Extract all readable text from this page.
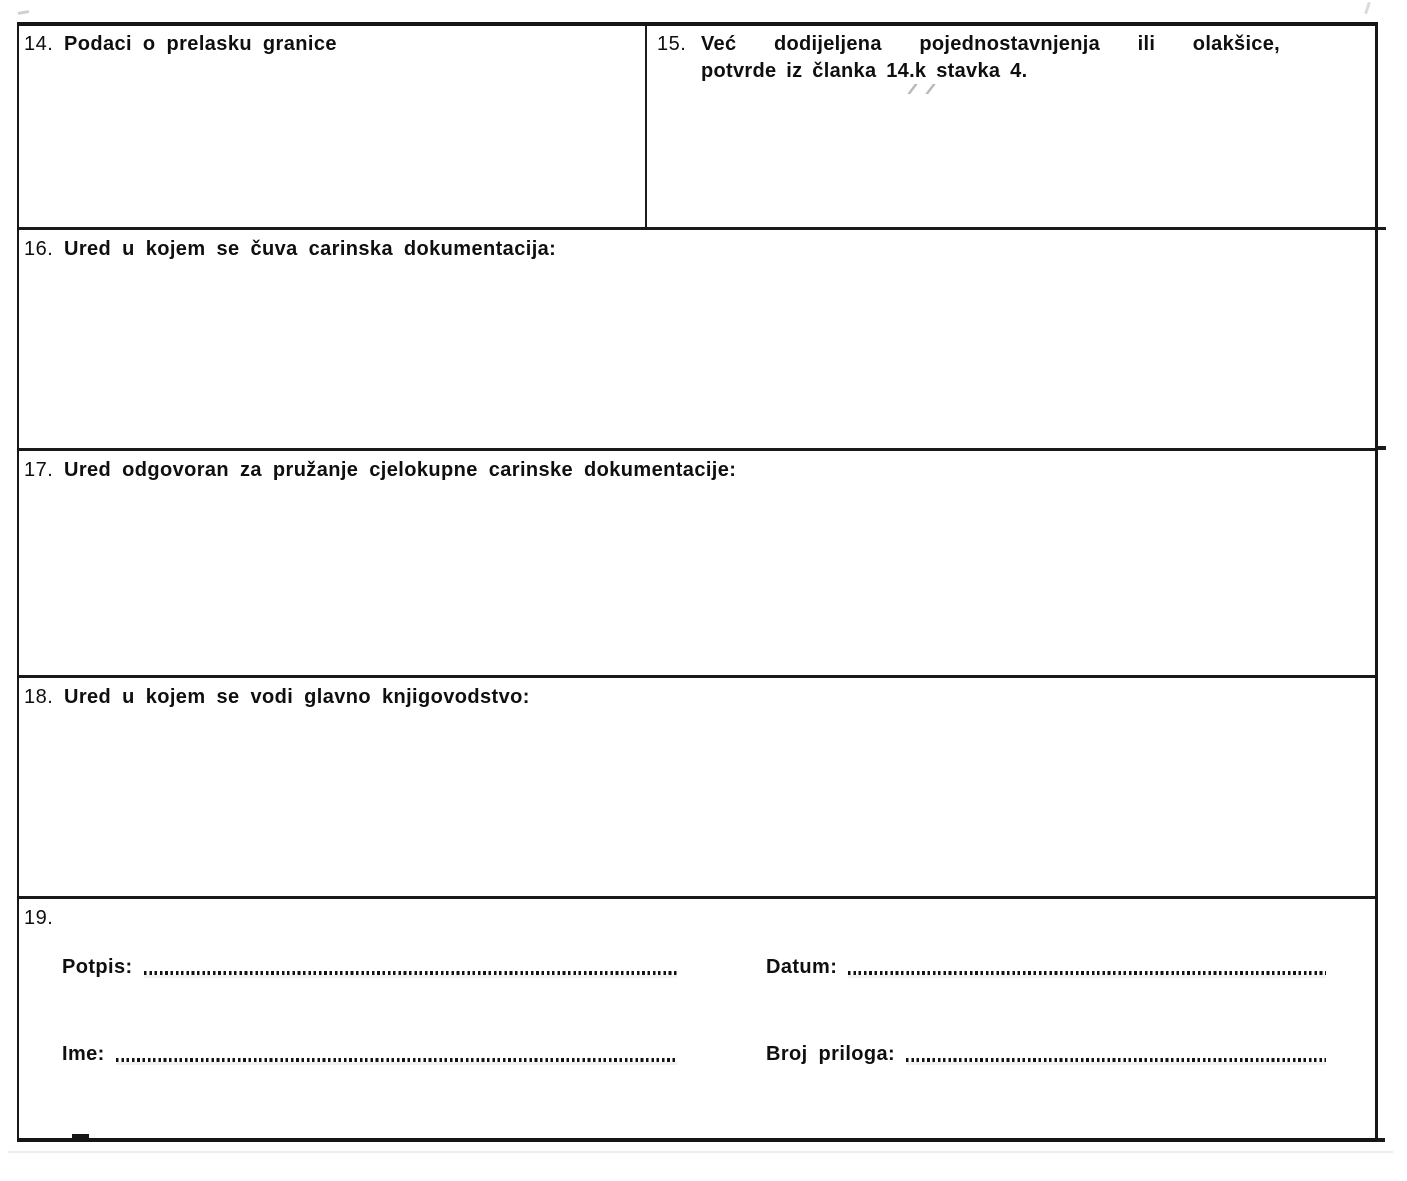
14. Podaci o prelasku granice	15. Već dodijeljena pojednostavnjenja ili olakšice,
potvrde iz članka 14.k stavka 4.
16. Ured u kojem se čuva carinska dokumentacija:
17. Ured odgovoran za pružanje cjelokupne carinske dokumentacije:
18. Ured u kojem se vodi glavno knjigovodstvo:
19.
Potpis:	Datum:
Ime:	Broj priloga:
